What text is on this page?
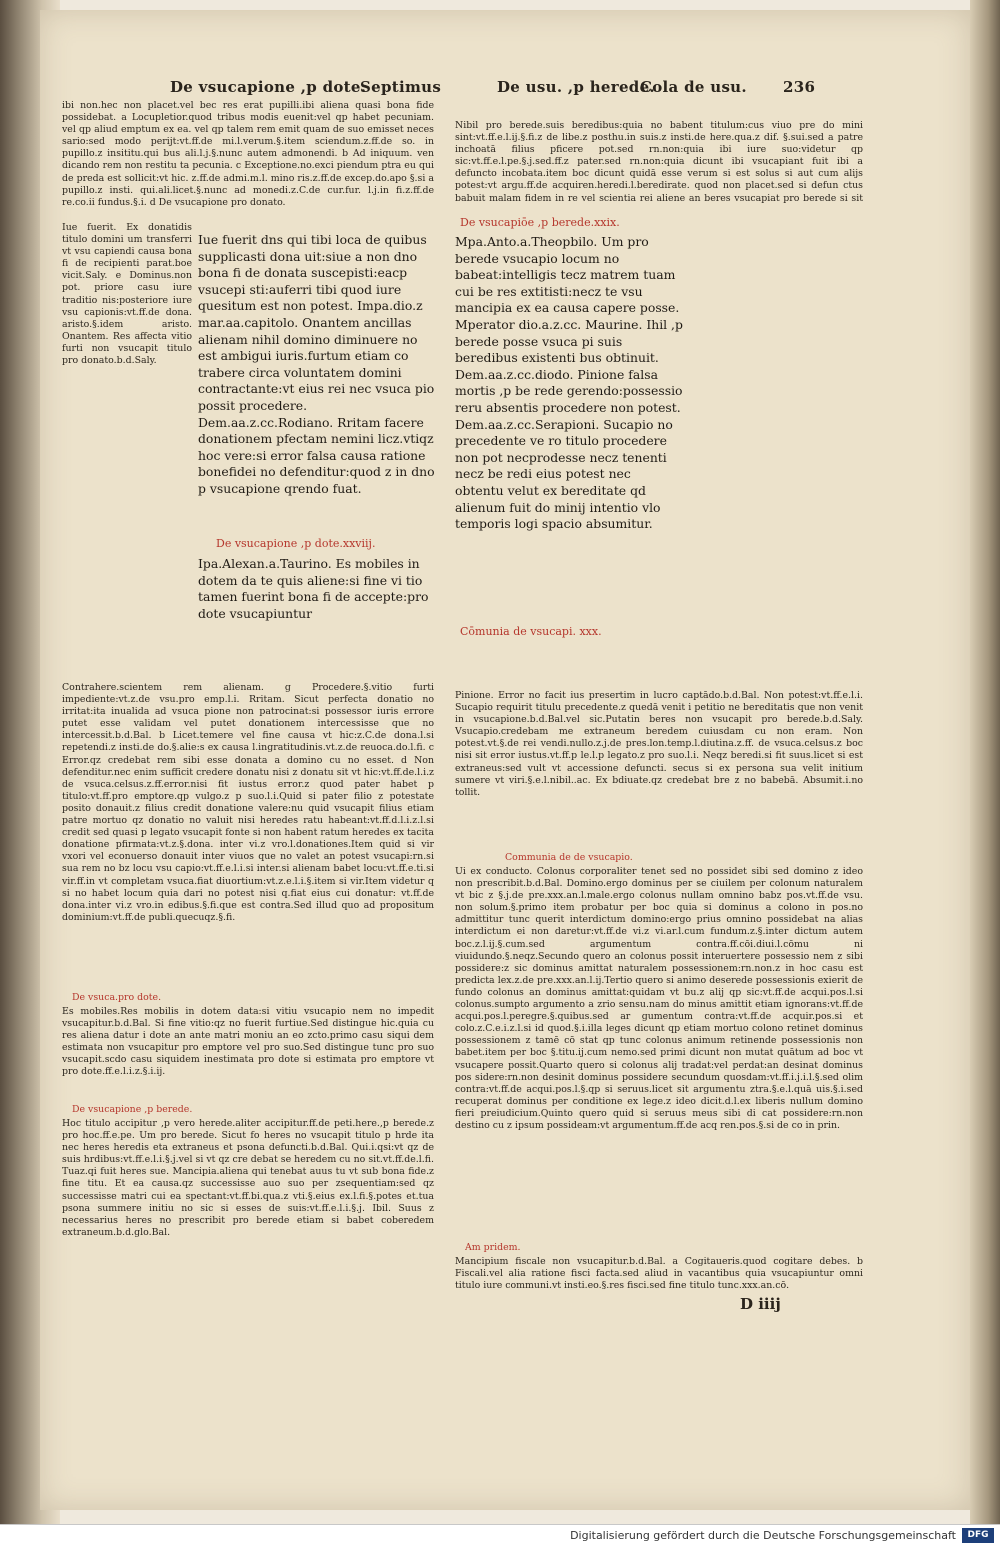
De vsucapione ,p dote.
Septimus	De usu. ,p herede.
Cola de usu. 236

ibi non.hec non placet.vel bec res erat pupilli.ibi aliena quasi bona fide possidebat. a Locupletior.quod tribus modis euenit:vel qp habet pecuniam. vel qp aliud emptum ex ea. vel qp talem rem emit quam de suo emisset neces sario:sed modo perijt:vt.ff.de mi.l.verum.§.item sciendum.z.ff.de so. in pupillo.z insititu.qui bus ali.l.j.§.nunc autem admonendi. b Ad iniquum. ven dicando rem non restitu ta pecunia. c Exceptione.no.exci piendum ptra eu qui de preda est sollicit:vt hic. z.ff.de admi.m.l. mino ris.z.ff.de excep.do.apo §.si a pupillo.z insti. qui.ali.licet.§.nunc ad monedi.z.C.de cur.fur. l.j.in fi.z.ff.de re.co.ii fundus.§.i. d De vsucapione pro donato.

Iue fuerit. Ex donatidis titulo domini um transferri vt vsu capiendi causa bona fi de recipienti parat.boe vicit.Saly. e Dominus.non pot. priore casu iure traditio nis:posteriore iure vsu capionis:vt.ff.de dona. aristo.§.idem aristo. Onantem. Res affecta vitio furti non vsucapit titulo pro donato.b.d.Saly.

Iue fuerit dns qui tibi loca de quibus supplicasti dona uit:siue a non dno bona fi de donata suscepisti:eacp vsucepi sti:auferri tibi quod iure quesitum est non potest. Impa.dio.z mar.aa.capitolo. Onantem ancillas alienam nihil domino diminuere no est ambigui iuris.furtum etiam co trabere circa voluntatem domini contractante:vt eius rei nec vsuca pio possit procedere. Dem.aa.z.cc.Rodiano. Rritam facere donationem pfectam nemini licz.vtiqz hoc vere:si error falsa causa ratione bonefidei no defenditur:quod z in dno p vsucapione qrendo fuat.

De vsucapione ,p dote.xxviij.

Ipa.Alexan.a.Taurino. Es mobiles in dotem da te quis aliene:si fine vi tio tamen fuerint bona fi de accepte:pro dote vsucapiuntur

Contrahere.scientem rem alienam. g Procedere.§.vitio furti impediente:vt.z.de vsu.pro emp.l.i. Rritam. Sicut perfecta donatio no irritat:ita inualida ad vsuca pione non patrocinat:si possessor iuris errore putet esse validam vel putet donationem intercessisse que no intercessit.b.d.Bal. b Licet.temere vel fine causa vt hic:z.C.de dona.l.si repetendi.z insti.de do.§.alie:s ex causa l.ingratitudinis.vt.z.de reuoca.do.l.fi. c Error.qz credebat rem sibi esse donata a domino cu no esset. d Non defenditur.nec enim sufficit credere donatu nisi z donatu sit vt hic:vt.ff.de.l.i.z de vsuca.celsus.z.ff.error.nisi fit iustus error.z quod pater habet p titulo:vt.ff.pro emptore.qp vulgo.z p suo.l.i.Quid si pater filio z potestate posito donauit.z filius credit donatione valere:nu quid vsucapit filius etiam patre mortuo qz donatio no valuit nisi heredes ratu habeant:vt.ff.d.l.i.z.l.si credit sed quasi p legato vsucapit fonte si non habent ratum heredes ex tacita donatione pfirmata:vt.z.§.dona. inter vi.z vro.l.donationes.Item quid si vir vxori vel econuerso donauit inter viuos que no valet an potest vsucapi:rn.si sua rem no bz locu vsu capio:vt.ff.e.l.i.si inter.si alienam babet locu:vt.ff.e.ti.si vir.ff.in vt completam vsuca.fiat diuortium:vt.z.e.l.i.§.item si vir.Item videtur q si no habet locum quia dari no potest nisi q.fiat eius cui donatur: vt.ff.de dona.inter vi.z vro.in edibus.§.fi.que est contra.Sed illud quo ad propositum dominium:vt.ff.de publi.quecuqz.§.fi.

De vsuca.pro dote.

Es mobiles.Res mobilis in dotem data:si vitiu vsucapio nem no impedit vsucapitur.b.d.Bal. Si fine vitio:qz no fuerit furtiue.Sed distingue hic.quia cu res aliena datur i dote an ante matri moniu an eo zcto.primo casu siqui dem estimata non vsucapitur pro emptore vel pro suo.Sed distingue tunc pro suo vsucapit.scdo casu siquidem inestimata pro dote si estimata pro emptore vt pro dote.ff.e.l.i.z.§.i.ij.

De vsucapione ,p berede.

Hoc titulo accipitur ,p vero herede.aliter accipitur.ff.de peti.here.,p berede.z pro hoc.ff.e.pe. Um pro berede. Sicut fo heres no vsucapit titulo p hrde ita nec heres heredis eta extraneus et psona defuncti.b.d.Bal. Qui.i.qsi:vt qz de suis hrdibus:vt.ff.e.l.i.§.j.vel si vt qz cre debat se heredem cu no sit.vt.ff.de.l.fi. Tuaz.qi fuit heres sue. Mancipia.aliena qui tenebat auus tu vt sub bona fide.z fine titu. Et ea causa.qz successisse auo suo per zsequentiam:sed qz successisse matri cui ea spectant:vt.ff.bi.qua.z vti.§.eius ex.l.fi.§.potes et.tua psona summere initiu no sic si esses de suis:vt.ff.e.l.i.§.j. Ibil. Suus z necessarius heres no prescribit pro berede etiam si babet coberedem extraneum.b.d.glo.Bal.

Nibil pro berede.suis beredibus:quia no babent titulum:cus viuo pre do mini sint:vt.ff.e.l.ij.§.fi.z de libe.z posthu.in suis.z insti.de here.qua.z dif. §.sui.sed a patre inchoatā filius pficere pot.sed rn.non:quia ibi iure suo:videtur qp sic:vt.ff.e.l.pe.§.j.sed.ff.z pater.sed rn.non:quia dicunt ibi vsucapiant fuit ibi a defuncto incobata.item boc dicunt quidā esse verum si est solus si aut cum alijs potest:vt argu.ff.de acquiren.heredi.l.beredirate. quod non placet.sed si defun ctus babuit malam fidem in re vel scientia rei aliene an beres vsucapiat pro berede si sit

De vsucapiōe ,p berede.xxix.

Mpa.Anto.a.Theopbilo. Um pro berede vsucapio locum no babeat:intelligis tecz matrem tuam cui be res extitisti:necz te vsu mancipia ex ea causa capere posse. Mperator dio.a.z.cc. Maurine. Ihil ,p berede posse vsuca pi suis beredibus existenti bus obtinuit. Dem.aa.z.cc.diodo. Pinione falsa mortis ,p be rede gerendo:possessio reru absentis procedere non potest. Dem.aa.z.cc.Serapioni. Sucapio no precedente ve ro titulo procedere non pot necprodesse necz tenenti necz be redi eius potest nec obtentu velut ex bereditate qd alienum fuit do minij intentio vlo temporis logi spacio absumitur.

Cōmunia de vsucapi. xxx.

Pinione. Error no facit ius presertim in lucro captādo.b.d.Bal. Non potest:vt.ff.e.l.i. Sucapio requirit titulu precedente.z quedā venit i petitio ne bereditatis que non venit in vsucapione.b.d.Bal.vel sic.Putatin beres non vsucapit pro berede.b.d.Saly. Vsucapio.credebam me extraneum beredem cuiusdam cu non eram. Non potest.vt.§.de rei vendi.nullo.z.j.de pres.lon.temp.l.diutina.z.ff. de vsuca.celsus.z boc nisi sit error iustus.vt.ff.p le.l.p legato.z pro suo.l.i. Neqz beredi.si fit suus.licet si est extraneus:sed vult vt accessione defuncti. secus si ex persona sua velit initium sumere vt viri.§.e.l.nibil..ac. Ex bdiuate.qz credebat bre z no babebā. Absumit.i.no tollit.

Communia de de vsucapio.

Ui ex conducto. Colonus corporaliter tenet sed no possidet sibi sed domino z ideo non prescribit.b.d.Bal. Domino.ergo dominus per se ciuilem per colonum naturalem vt bic z §.j.de pre.xxx.an.l.male.ergo colonus nullam omnino babz pos.vt.ff.de vsu. non solum.§.primo item probatur per boc quia si dominus a colono in pos.no admittitur tunc querit interdictum domino:ergo prius omnino possidebat na alias interdictum ei non daretur:vt.ff.de vi.z vi.ar.l.cum fundum.z.§.inter dictum autem boc.z.l.ij.§.cum.sed argumentum contra.ff.cōi.diui.l.cōmu ni viuidundo.§.neqz.Secundo quero an colonus possit interuertere possessio nem z sibi possidere:z sic dominus amittat naturalem possessionem:rn.non.z in hoc casu est predicta lex.z.de pre.xxx.an.l.ij.Tertio quero si animo deserede possessionis exierit de fundo colonus an dominus amittat:quidam vt bu.z alij qp sic:vt.ff.de acqui.pos.l.si colonus.sumpto argumento a zrio sensu.nam do minus amittit etiam ignorans:vt.ff.de acqui.pos.l.peregre.§.quibus.sed ar gumentum contra:vt.ff.de acquir.pos.si et colo.z.C.e.i.z.l.si id quod.§.i.illa leges dicunt qp etiam mortuo colono retinet dominus possessionem z tamē cō stat qp tunc colonus animum retinende possessionis non babet.item per boc §.titu.ij.cum nemo.sed primi dicunt non mutat quātum ad boc vt vsucapere possit.Quarto quero si colonus alij tradat:vel perdat:an desinat dominus pos sidere:rn.non desinit dominus possidere secundum quosdam:vt.ff.i.j.i.l.§.sed olim contra:vt.ff.de acqui.pos.l.§.qp si seruus.licet sit argumentu ztra.§.e.l.quā uis.§.i.sed recuperat dominus per conditione ex lege.z ideo dicit.d.l.ex liberis nullum domino fieri preiudicium.Quinto quero quid si seruus meus sibi di cat possidere:rn.non destino cu z ipsum possideam:vt argumentum.ff.de acq ren.pos.§.si de co in prin.

Am pridem.

Mancipium fiscale non vsucapitur.b.d.Bal. a Cogitaueris.quod cogitare debes. b Fiscali.vel alia ratione fisci facta.sed aliud in vacantibus quia vsucapiuntur omni titulo iure communi.vt insti.eo.§.res fisci.sed fine titulo tunc.xxx.an.cō.

D iiij
Digitalisierung gefördert durch die Deutsche Forschungsgemeinschaft	DFG
